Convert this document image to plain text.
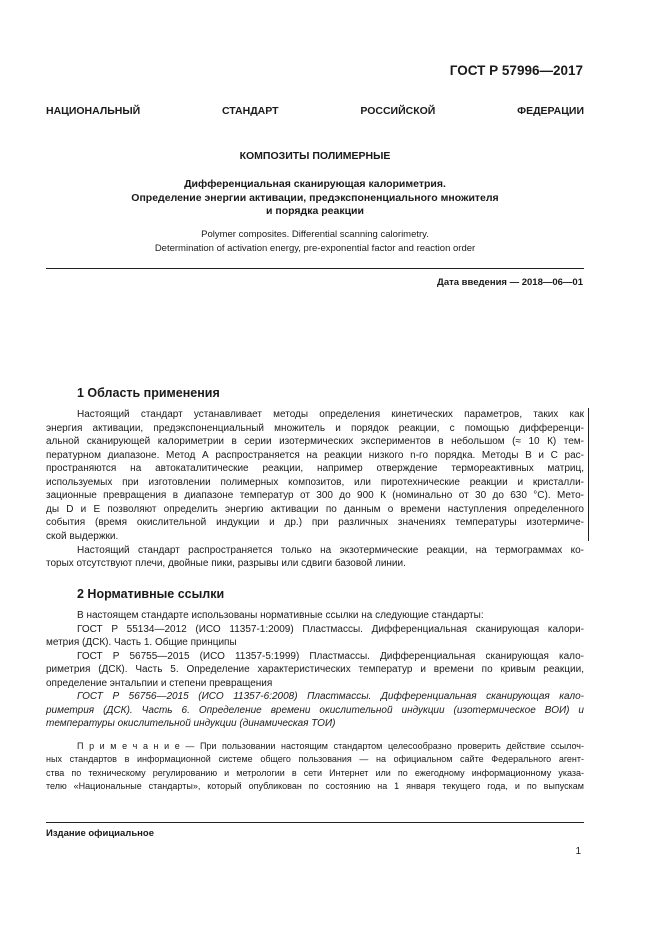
ГОСТ Р 57996—2017
НАЦИОНАЛЬНЫЙ	СТАНДАРТ	РОССИЙСКОЙ	ФЕДЕРАЦИИ
КОМПОЗИТЫ ПОЛИМЕРНЫЕ
Дифференциальная сканирующая калориметрия.
Определение энергии активации, предэкспоненциального множителя
и порядка реакции
Polymer composites. Differential scanning calorimetry.
Determination of activation energy, pre-exponential factor and reaction order
Дата введения — 2018—06—01
1 Область применения
Настоящий стандарт устанавливает методы определения кинетических параметров, таких как
энергия активации, предэкспоненциальный множитель и порядок реакции, с помощью дифференци-
альной сканирующей калориметрии в серии изотермических экспериментов в небольшом (≈ 10 К) тем-
пературном диапазоне. Метод А распространяется на реакции низкого n-го порядка. Методы В и С рас-
пространяются на автокаталитические реакции, например отверждение термореактивных матриц,
используемых при изготовлении полимерных композитов, или пиротехнические реакции и кристалли-
зационные превращения в диапазоне температур от 300 до 900 К (номинально от 30 до 630 °С). Мето-
ды D и Е позволяют определить энергию активации по данным о времени наступления определенного
события (время окислительной индукции и др.) при различных значениях температуры изотермиче-
ской выдержки.
Настоящий стандарт распространяется только на экзотермические реакции, на термограммах ко-
торых отсутствуют плечи, двойные пики, разрывы или сдвиги базовой линии.
2 Нормативные ссылки
В настоящем стандарте использованы нормативные ссылки на следующие стандарты:
ГОСТ Р 55134—2012 (ИСО 11357-1:2009) Пластмассы. Дифференциальная сканирующая калори-
метрия (ДСК). Часть 1. Общие принципы
ГОСТ Р 56755—2015 (ИСО 11357-5:1999) Пластмассы. Дифференциальная сканирующая кало-
риметрия (ДСК). Часть 5. Определение характеристических температур и времени по кривым реакции,
определение энтальпии и степени превращения
ГОСТ Р 56756—2015 (ИСО 11357-6:2008) Пластмассы. Дифференциальная сканирующая кало-
риметрия (ДСК). Часть 6. Определение времени окислительной индукции (изотермическое ВОИ) и
температуры окислительной индукции (динамическая ТОИ)
П р и м е ч а н и е — При пользовании настоящим стандартом целесообразно проверить действие ссылоч-
ных стандартов в информационной системе общего пользования — на официальном сайте Федерального агент-
ства по техническому регулированию и метрологии в сети Интернет или по ежегодному информационному указа-
телю «Национальные стандарты», который опубликован по состоянию на 1 января текущего года, и по выпускам
Издание официальное
1
